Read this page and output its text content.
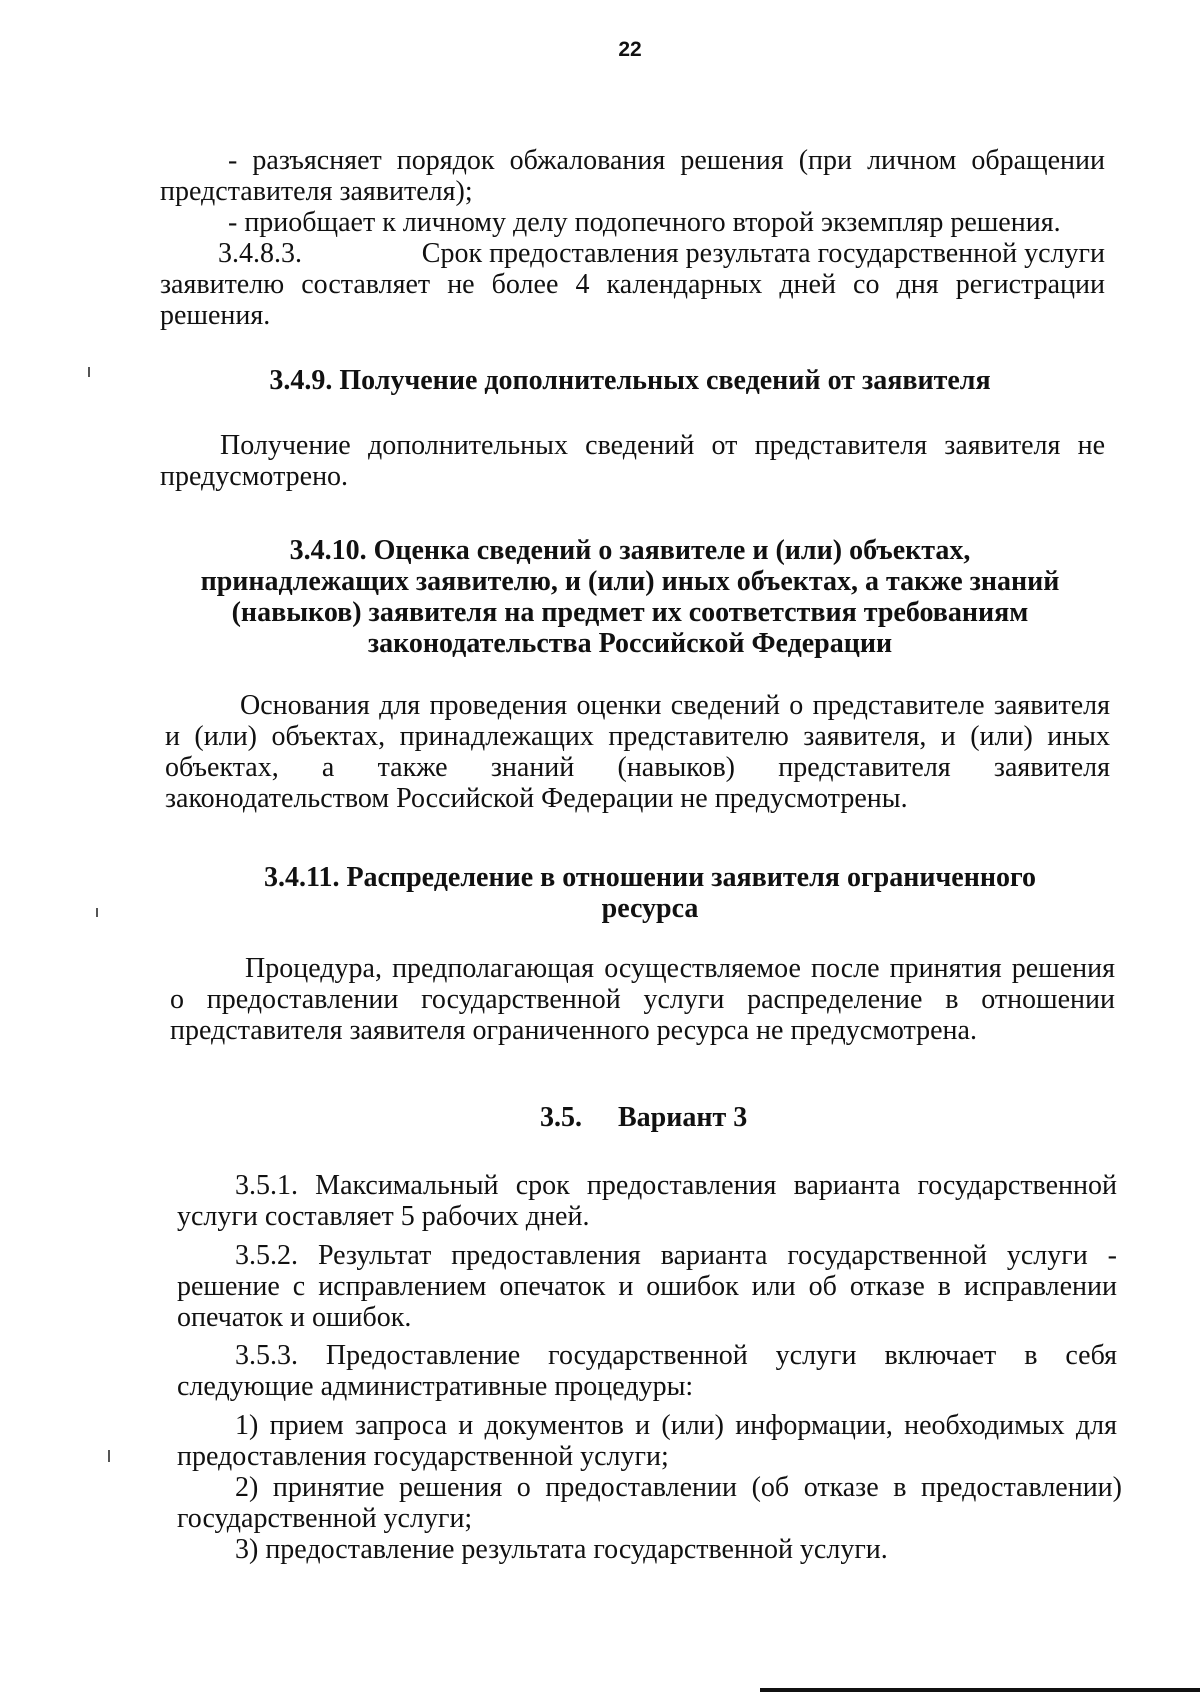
22
- разъясняет порядок обжалования решения (при личном обращении представителя заявителя);
- приобщает к личному делу подопечного второй экземпляр решения.
3.4.8.3.	Срок предоставления результата государственной услуги
заявителю составляет не более 4 календарных дней со дня регистрации решения.
3.4.9. Получение дополнительных сведений от заявителя
Получение дополнительных сведений от представителя заявителя не предусмотрено.
3.4.10. Оценка сведений о заявителе и (или) объектах, принадлежащих заявителю, и (или) иных объектах, а также знаний (навыков) заявителя на предмет их соответствия требованиям законодательства Российской Федерации
Основания для проведения оценки сведений о представителе заявителя и (или) объектах, принадлежащих представителю заявителя, и (или) иных объектах, а также знаний (навыков) представителя заявителя законодательством Российской Федерации не предусмотрены.
3.4.11. Распределение в отношении заявителя ограниченного ресурса
Процедура, предполагающая осуществляемое после принятия решения о предоставлении государственной услуги распределение в отношении представителя заявителя ограниченного ресурса не предусмотрена.
3.5. Вариант 3
3.5.1. Максимальный срок предоставления варианта государственной услуги составляет 5 рабочих дней.
3.5.2. Результат предоставления варианта государственной услуги - решение с исправлением опечаток и ошибок или об отказе в исправлении опечаток и ошибок.
3.5.3. Предоставление государственной услуги включает в себя следующие административные процедуры:
1) прием запроса и документов и (или) информации, необходимых для предоставления государственной услуги;
2) принятие решения о предоставлении (об отказе в предоставлении) государственной услуги;
3) предоставление результата государственной услуги.
